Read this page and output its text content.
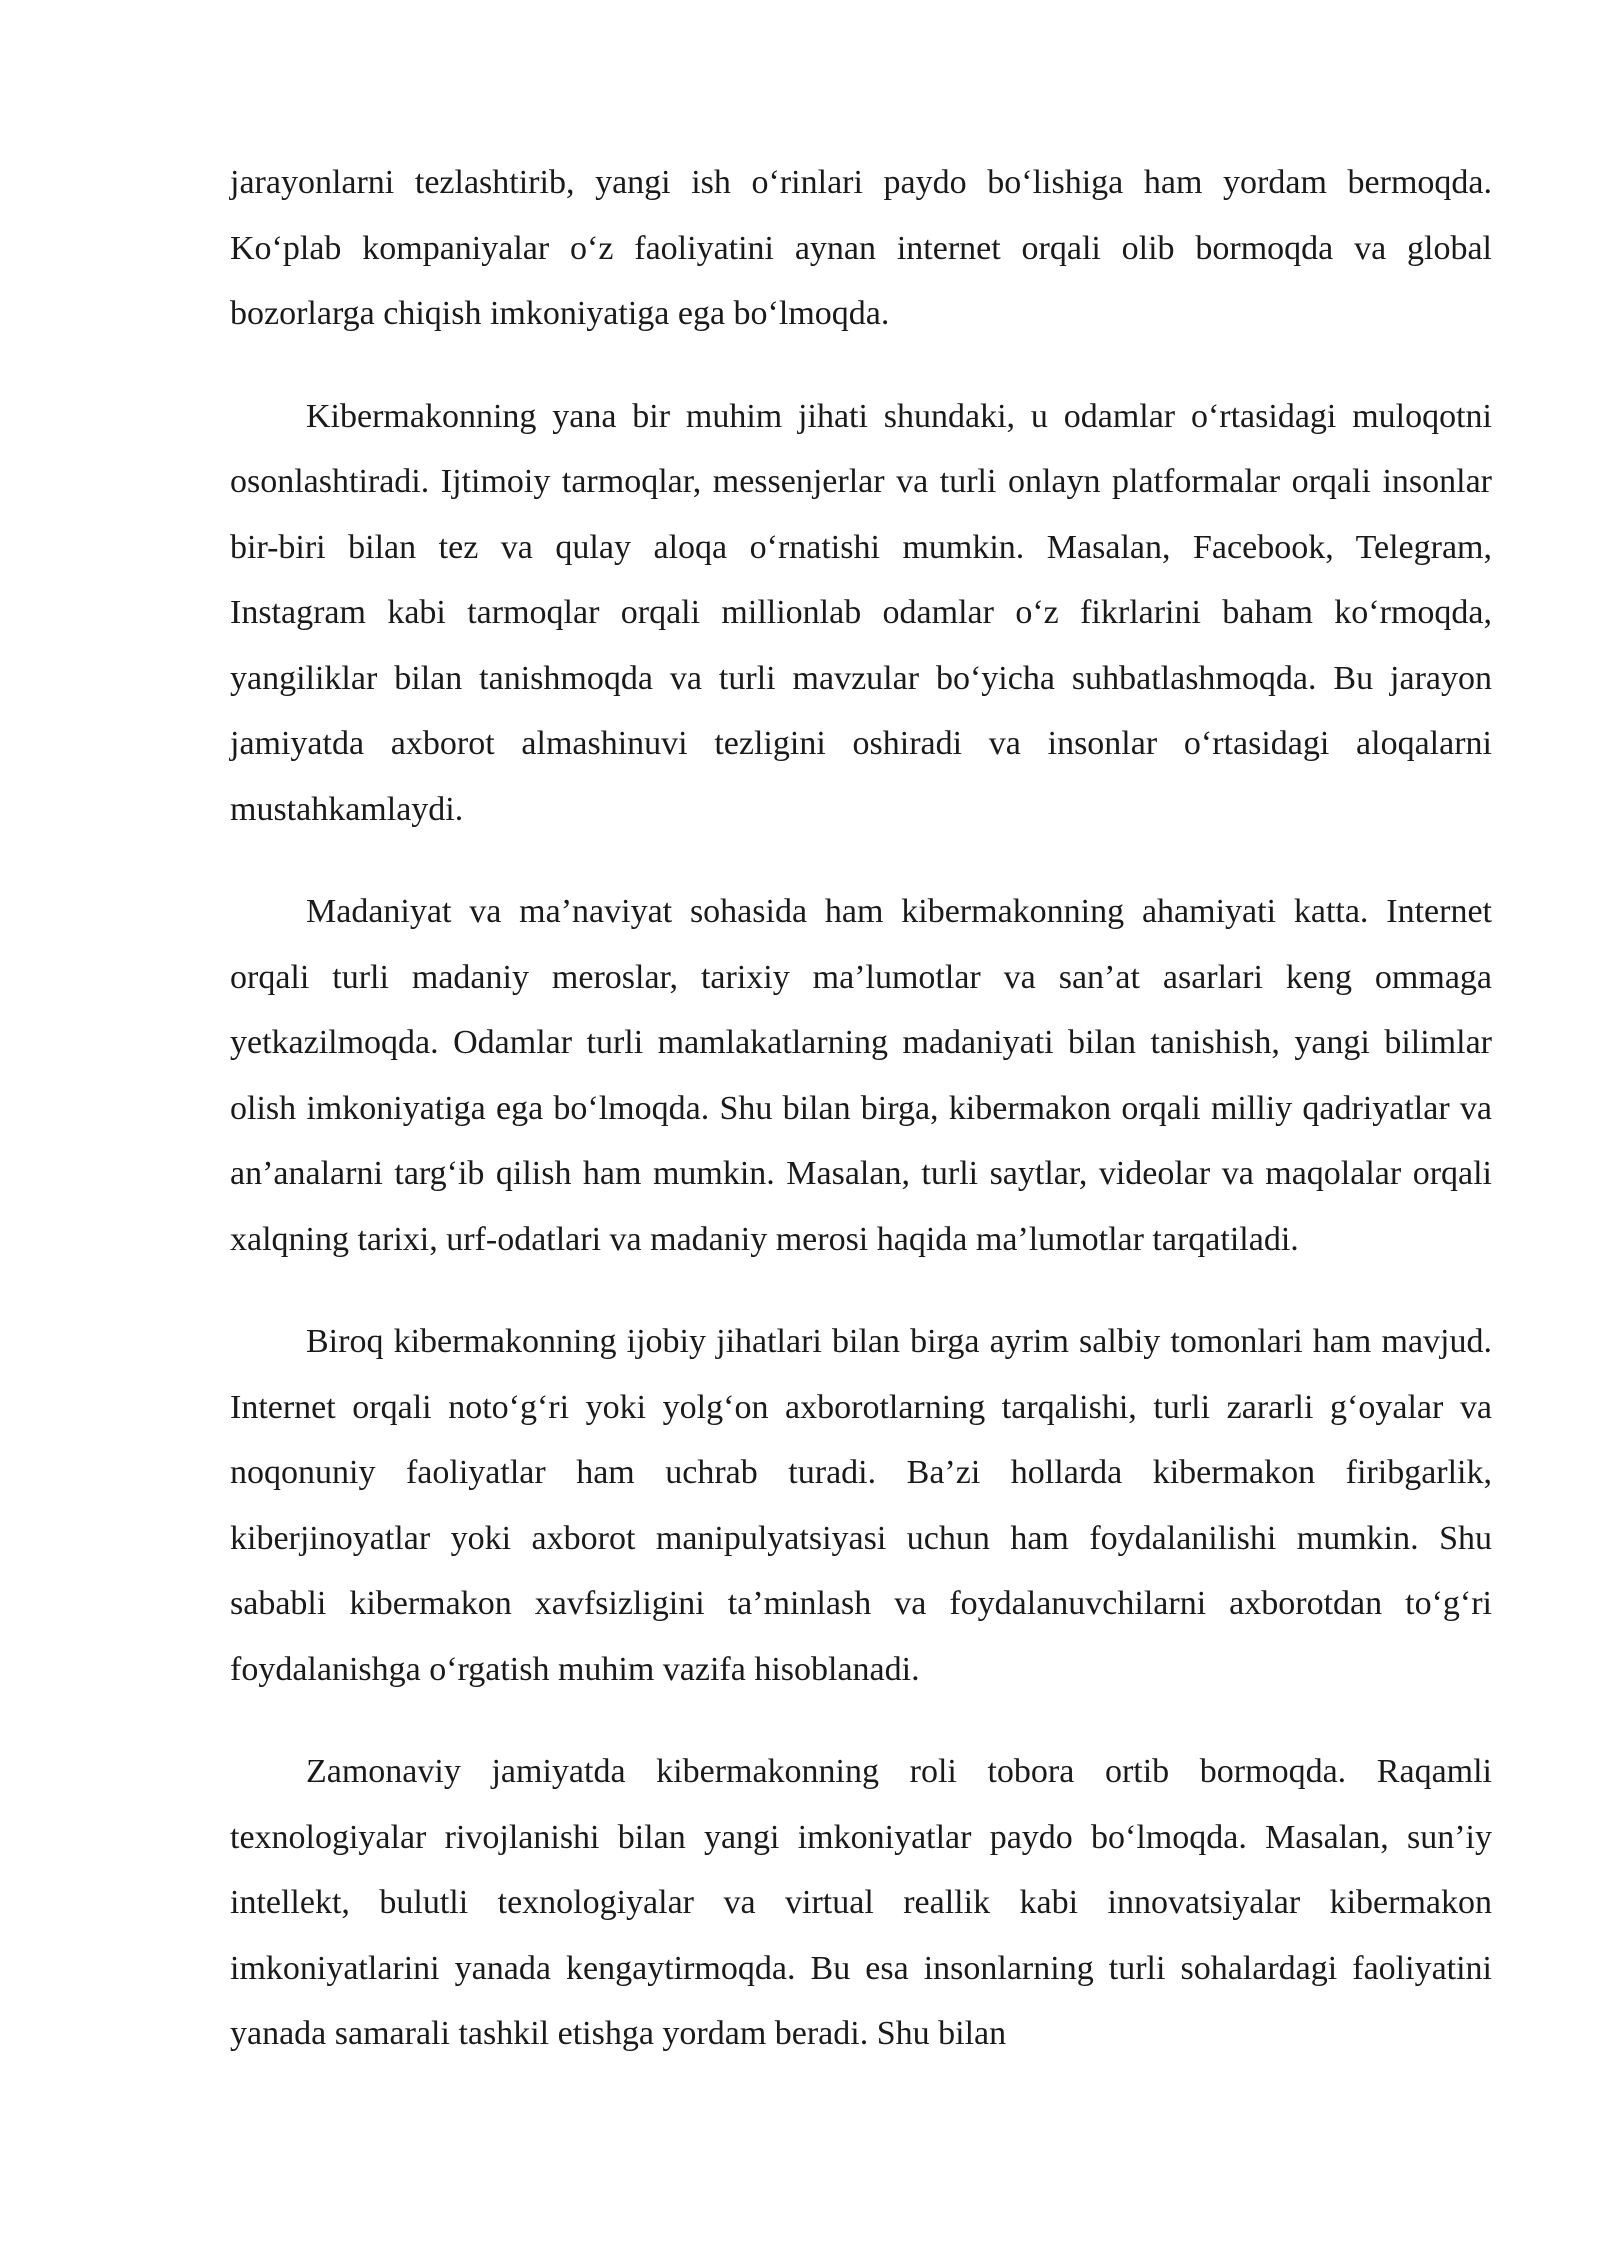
jarayonlarni tezlashtirib, yangi ish o‘rinlari paydo bo‘lishiga ham yordam bermoqda. Ko‘plab kompaniyalar o‘z faoliyatini aynan internet orqali olib bormoqda va global bozorlarga chiqish imkoniyatiga ega bo‘lmoqda.

Kibermakonning yana bir muhim jihati shundaki, u odamlar o‘rtasidagi muloqotni osonlashtiradi. Ijtimoiy tarmoqlar, messenjerlar va turli onlayn platformalar orqali insonlar bir-biri bilan tez va qulay aloqa o‘rnatishi mumkin. Masalan, Facebook, Telegram, Instagram kabi tarmoqlar orqali millionlab odamlar o‘z fikrlarini baham ko‘rmoqda, yangiliklar bilan tanishmoqda va turli mavzular bo‘yicha suhbatlashmoqda. Bu jarayon jamiyatda axborot almashinuvi tezligini oshiradi va insonlar o‘rtasidagi aloqalarni mustahkamlaydi.

Madaniyat va ma’naviyat sohasida ham kibermakonning ahamiyati katta. Internet orqali turli madaniy meroslar, tarixiy ma’lumotlar va san’at asarlari keng ommaga yetkazilmoqda. Odamlar turli mamlakatlarning madaniyati bilan tanishish, yangi bilimlar olish imkoniyatiga ega bo‘lmoqda. Shu bilan birga, kibermakon orqali milliy qadriyatlar va an’analarni targ‘ib qilish ham mumkin. Masalan, turli saytlar, videolar va maqolalar orqali xalqning tarixi, urf-odatlari va madaniy merosi haqida ma’lumotlar tarqatiladi.

Biroq kibermakonning ijobiy jihatlari bilan birga ayrim salbiy tomonlari ham mavjud. Internet orqali noto‘g‘ri yoki yolg‘on axborotlarning tarqalishi, turli zararli g‘oyalar va noqonuniy faoliyatlar ham uchrab turadi. Ba’zi hollarda kibermakon firibgarlik, kiberjinoyatlar yoki axborot manipulyatsiyasi uchun ham foydalanilishi mumkin. Shu sababli kibermakon xavfsizligini ta’minlash va foydalanuvchilarni axborotdan to‘g‘ri foydalanishga o‘rgatish muhim vazifa hisoblanadi.

Zamonaviy jamiyatda kibermakonning roli tobora ortib bormoqda. Raqamli texnologiyalar rivojlanishi bilan yangi imkoniyatlar paydo bo‘lmoqda. Masalan, sun’iy intellekt, bulutli texnologiyalar va virtual reallik kabi innovatsiyalar kibermakon imkoniyatlarini yanada kengaytirmoqda. Bu esa insonlarning turli sohalardagi faoliyatini yanada samarali tashkil etishga yordam beradi. Shu bilan
